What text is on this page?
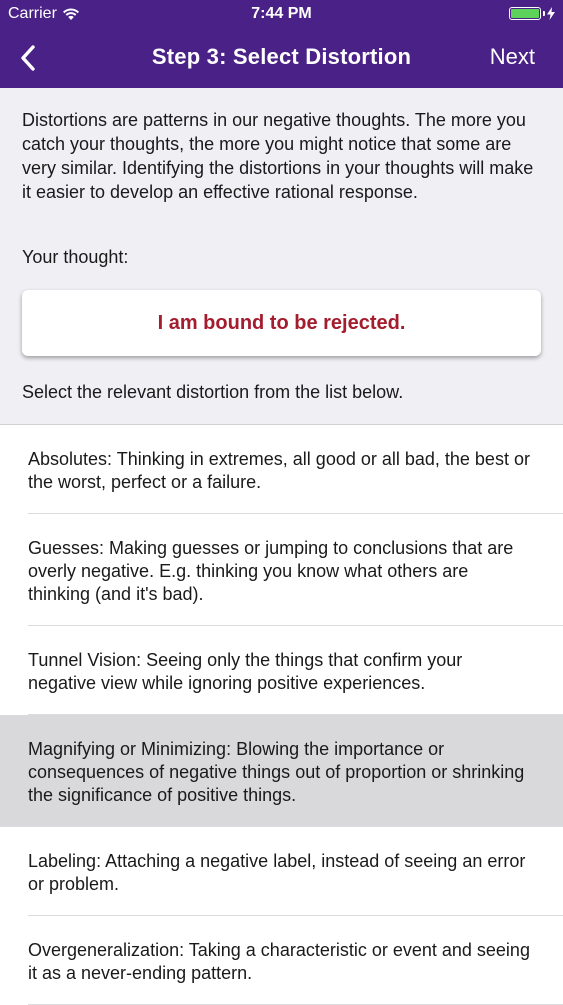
Carrier	7:44 PM
Step 3: Select Distortion	Next

Distortions are patterns in our negative thoughts. The more you catch your thoughts, the more you might notice that some are very similar. Identifying the distortions in your thoughts will make it easier to develop an effective rational response.

Your thought:
I am bound to be rejected.
Select the relevant distortion from the list below.
Absolutes: Thinking in extremes, all good or all bad, the best or the worst, perfect or a failure.
Guesses: Making guesses or jumping to conclusions that are overly negative. E.g. thinking you know what others are thinking (and it's bad).
Tunnel Vision: Seeing only the things that confirm your negative view while ignoring positive experiences.
Magnifying or Minimizing: Blowing the importance or consequences of negative things out of proportion or shrinking the significance of positive things.
Labeling: Attaching a negative label, instead of seeing an error or problem.
Overgeneralization: Taking a characteristic or event and seeing it as a never-ending pattern.
